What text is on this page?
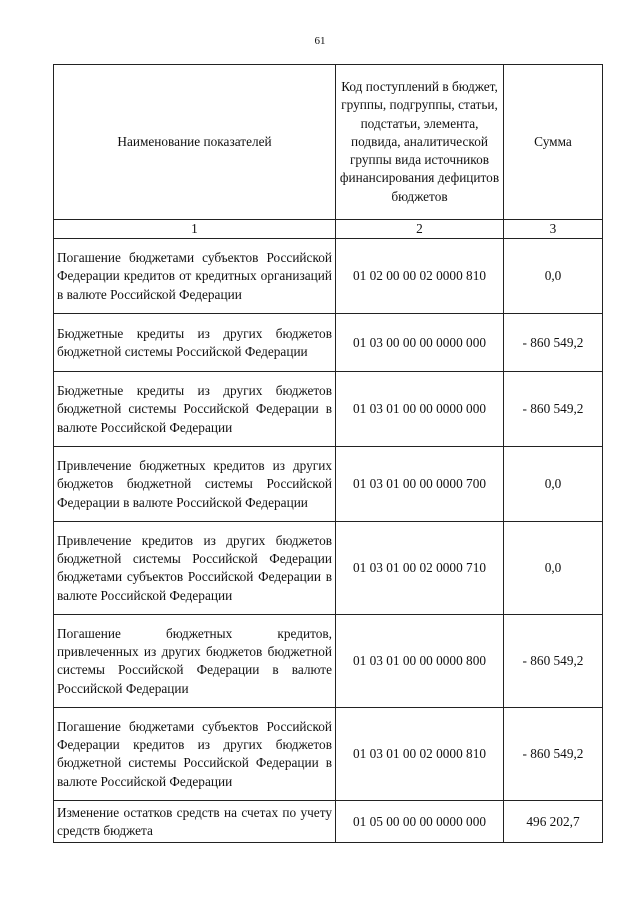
61
Наименование показателей	Код поступлений в бюджет, группы, подгруппы, статьи, подстатьи, элемента, подвида, аналитической группы вида источников финансирования дефицитов бюджетов	Сумма
1	2	3
Погашение бюджетами субъектов Российской Федерации кредитов от кредитных организаций в валюте Российской Федерации	01 02 00 00 02 0000 810	0,0
Бюджетные кредиты из других бюджетов бюджетной системы Российской Федерации	01 03 00 00 00 0000 000	- 860 549,2
Бюджетные кредиты из других бюджетов бюджетной системы Российской Федерации в валюте Российской Федерации	01 03 01 00 00 0000 000	- 860 549,2
Привлечение бюджетных кредитов из других бюджетов бюджетной системы Российской Федерации в валюте Российской Федерации	01 03 01 00 00 0000 700	0,0
Привлечение кредитов из других бюджетов бюджетной системы Российской Федерации бюджетами субъектов Российской Федерации в валюте Российской Федерации	01 03 01 00 02 0000 710	0,0
Погашение бюджетных кредитов, привлеченных из других бюджетов бюджетной системы Российской Федерации в валюте Российской Федерации	01 03 01 00 00 0000 800	- 860 549,2
Погашение бюджетами субъектов Российской Федерации кредитов из других бюджетов бюджетной системы Российской Федерации в валюте Российской Федерации	01 03 01 00 02 0000 810	- 860 549,2
Изменение остатков средств на счетах по учету средств бюджета	01 05 00 00 00 0000 000	496 202,7
